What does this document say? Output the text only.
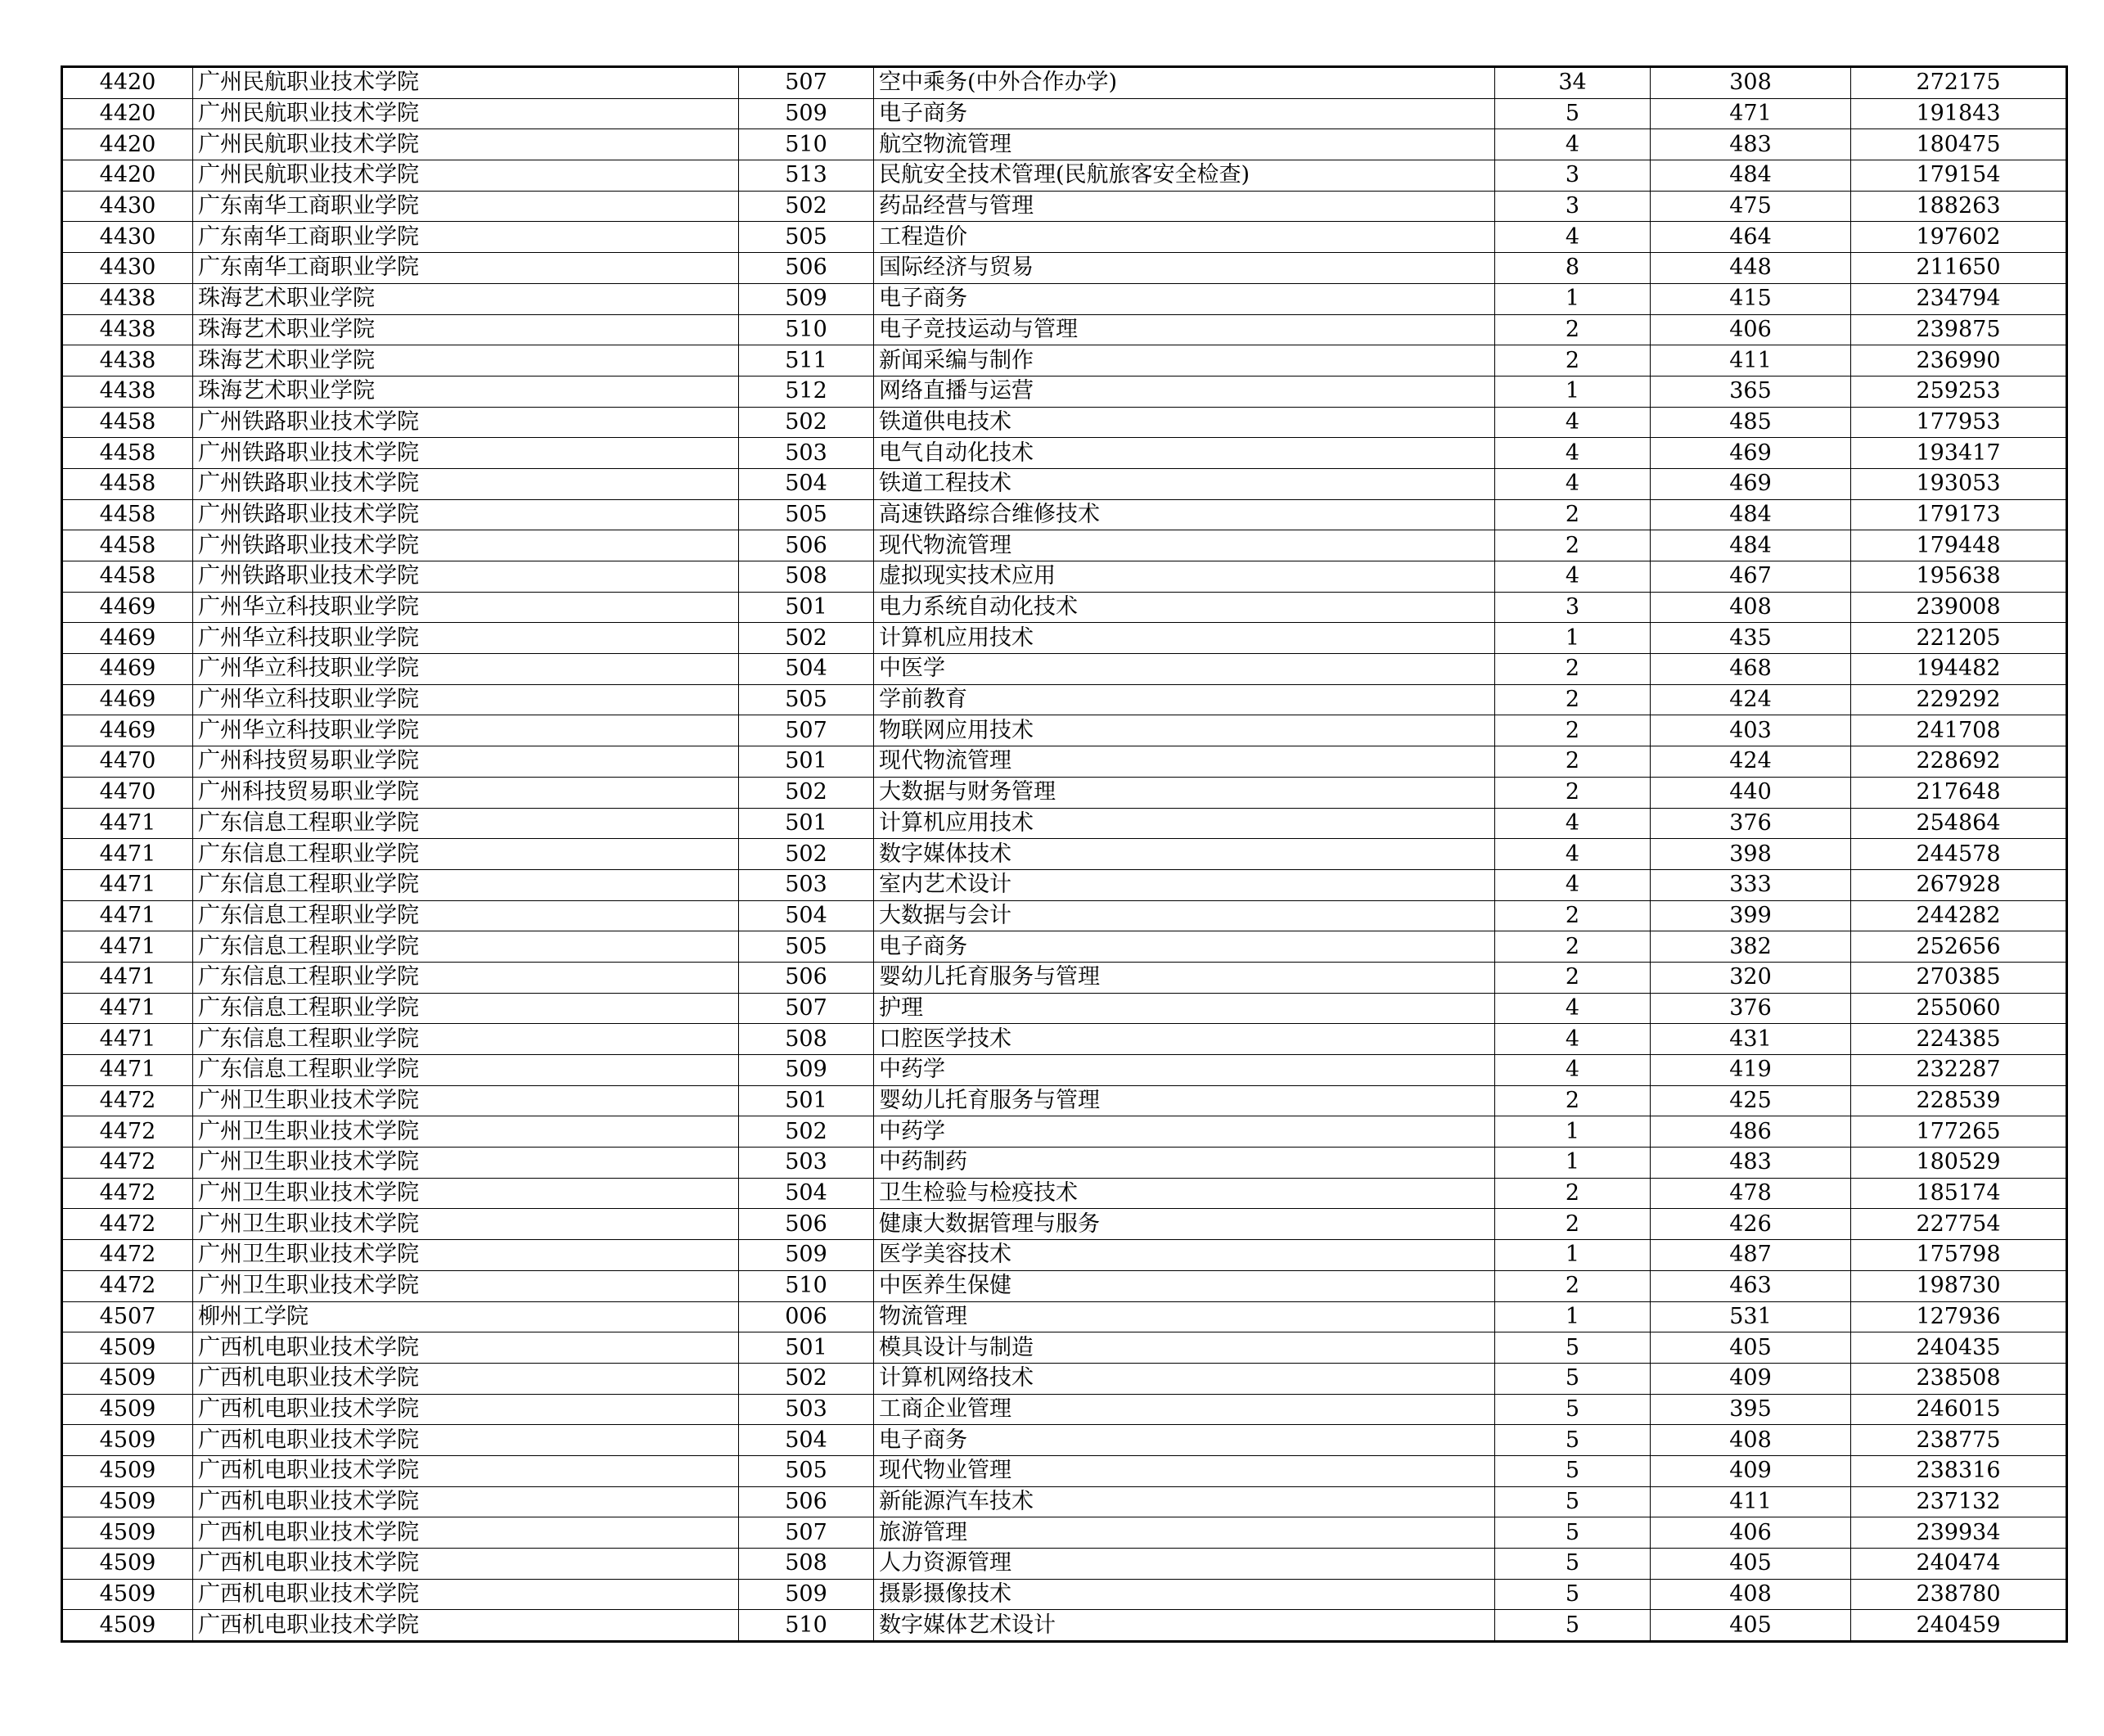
4420	广州民航职业技术学院	507	空中乘务(中外合作办学)	34	308	272175
4420	广州民航职业技术学院	509	电子商务	5	471	191843
4420	广州民航职业技术学院	510	航空物流管理	4	483	180475
4420	广州民航职业技术学院	513	民航安全技术管理(民航旅客安全检查)	3	484	179154
4430	广东南华工商职业学院	502	药品经营与管理	3	475	188263
4430	广东南华工商职业学院	505	工程造价	4	464	197602
4430	广东南华工商职业学院	506	国际经济与贸易	8	448	211650
4438	珠海艺术职业学院	509	电子商务	1	415	234794
4438	珠海艺术职业学院	510	电子竞技运动与管理	2	406	239875
4438	珠海艺术职业学院	511	新闻采编与制作	2	411	236990
4438	珠海艺术职业学院	512	网络直播与运营	1	365	259253
4458	广州铁路职业技术学院	502	铁道供电技术	4	485	177953
4458	广州铁路职业技术学院	503	电气自动化技术	4	469	193417
4458	广州铁路职业技术学院	504	铁道工程技术	4	469	193053
4458	广州铁路职业技术学院	505	高速铁路综合维修技术	2	484	179173
4458	广州铁路职业技术学院	506	现代物流管理	2	484	179448
4458	广州铁路职业技术学院	508	虚拟现实技术应用	4	467	195638
4469	广州华立科技职业学院	501	电力系统自动化技术	3	408	239008
4469	广州华立科技职业学院	502	计算机应用技术	1	435	221205
4469	广州华立科技职业学院	504	中医学	2	468	194482
4469	广州华立科技职业学院	505	学前教育	2	424	229292
4469	广州华立科技职业学院	507	物联网应用技术	2	403	241708
4470	广州科技贸易职业学院	501	现代物流管理	2	424	228692
4470	广州科技贸易职业学院	502	大数据与财务管理	2	440	217648
4471	广东信息工程职业学院	501	计算机应用技术	4	376	254864
4471	广东信息工程职业学院	502	数字媒体技术	4	398	244578
4471	广东信息工程职业学院	503	室内艺术设计	4	333	267928
4471	广东信息工程职业学院	504	大数据与会计	2	399	244282
4471	广东信息工程职业学院	505	电子商务	2	382	252656
4471	广东信息工程职业学院	506	婴幼儿托育服务与管理	2	320	270385
4471	广东信息工程职业学院	507	护理	4	376	255060
4471	广东信息工程职业学院	508	口腔医学技术	4	431	224385
4471	广东信息工程职业学院	509	中药学	4	419	232287
4472	广州卫生职业技术学院	501	婴幼儿托育服务与管理	2	425	228539
4472	广州卫生职业技术学院	502	中药学	1	486	177265
4472	广州卫生职业技术学院	503	中药制药	1	483	180529
4472	广州卫生职业技术学院	504	卫生检验与检疫技术	2	478	185174
4472	广州卫生职业技术学院	506	健康大数据管理与服务	2	426	227754
4472	广州卫生职业技术学院	509	医学美容技术	1	487	175798
4472	广州卫生职业技术学院	510	中医养生保健	2	463	198730
4507	柳州工学院	006	物流管理	1	531	127936
4509	广西机电职业技术学院	501	模具设计与制造	5	405	240435
4509	广西机电职业技术学院	502	计算机网络技术	5	409	238508
4509	广西机电职业技术学院	503	工商企业管理	5	395	246015
4509	广西机电职业技术学院	504	电子商务	5	408	238775
4509	广西机电职业技术学院	505	现代物业管理	5	409	238316
4509	广西机电职业技术学院	506	新能源汽车技术	5	411	237132
4509	广西机电职业技术学院	507	旅游管理	5	406	239934
4509	广西机电职业技术学院	508	人力资源管理	5	405	240474
4509	广西机电职业技术学院	509	摄影摄像技术	5	408	238780
4509	广西机电职业技术学院	510	数字媒体艺术设计	5	405	240459
